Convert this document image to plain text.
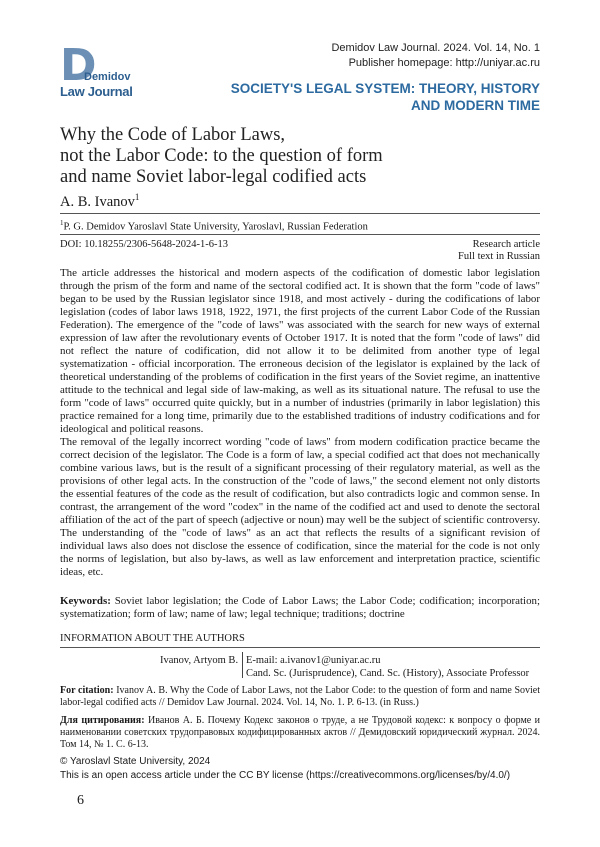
D
Demidov
Law Journal
Demidov Law Journal. 2024. Vol. 14, No. 1
Publisher homepage: http://uniyar.ac.ru
SOCIETY'S LEGAL SYSTEM: THEORY, HISTORY
AND MODERN TIME
Why the Code of Labor Laws,
not the Labor Code: to the question of form
and name Soviet labor-legal codified acts
A. B. Ivanov$^1$
$^1$P. G. Demidov Yaroslavl State University, Yaroslavl, Russian Federation
DOI: 10.18255/2306-5648-2024-1-6-13	Research article
Full text in Russian
The article addresses the historical and modern aspects of the codification of domestic labor legislation through the prism of the form and name of the sectoral codified act. It is shown that the form "code of laws" began to be used by the Russian legislator since 1918, and most actively - during the codifications of labor legislation (codes of labor laws 1918, 1922, 1971, the first projects of the current Labor Code of the Russian Federation). The emergence of the "code of laws" was associated with the search for new ways of external expression of law after the revolutionary events of October 1917. It is noted that the form "code of laws" did not reflect the nature of codification, did not allow it to be delimited from another type of legal systematization - official incorporation. The erroneous decision of the legislator is explained by the lack of theoretical understanding of the problems of codification in the first years of the Soviet regime, an inattentive attitude to the technical and legal side of law-making, as well as its situational nature. The refusal to use the form "code of laws" occurred quite quickly, but in a number of industries (primarily in labor legislation) this practice remained for a long time, primarily due to the established traditions of industry codifications and for ideological and political reasons.
The removal of the legally incorrect wording "code of laws" from modern codification practice became the correct decision of the legislator. The Code is a form of law, a special codified act that does not mechanically combine various laws, but is the result of a significant processing of their regulatory material, as well as the provisions of other legal acts. In the construction of the "code of laws," the second element not only distorts the essential features of the code as the result of codification, but also contradicts logic and common sense. In contrast, the arrangement of the word "codex" in the name of the codified act and used to denote the sectoral affiliation of the act of the part of speech (adjective or noun) may well be the subject of scientific controversy. The understanding of the "code of laws" as an act that reflects the results of a significant revision of individual laws also does not disclose the essence of codification, since the material for the code is not only the norms of legislation, but also by-laws, as well as law enforcement and interpretation practice, scientific ideas, etc.
Keywords: Soviet labor legislation; the Code of Labor Laws; the Labor Code; codification; incorporation; systematization; form of law; name of law; legal technique; traditions; doctrine
INFORMATION ABOUT THE AUTHORS
Ivanov, Artyom B. E-mail: a.ivanov1@uniyar.ac.ru
Cand. Sc. (Jurisprudence), Cand. Sc. (History), Associate Professor
For citation: Ivanov A. B. Why the Code of Labor Laws, not the Labor Code: to the question of form and name Soviet labor-legal codified acts // Demidov Law Journal. 2024. Vol. 14, No. 1. P. 6-13. (in Russ.)
Для цитирования: Иванов А. Б. Почему Кодекс законов о труде, а не Трудовой кодекс: к вопросу о форме и наименовании советских трудоправовых кодифицированных актов // Демидовский юридический журнал. 2024. Том 14, № 1. С. 6-13.
© Yaroslavl State University, 2024
This is an open access article under the CC BY license (https://creativecommons.org/licenses/by/4.0/)
6
